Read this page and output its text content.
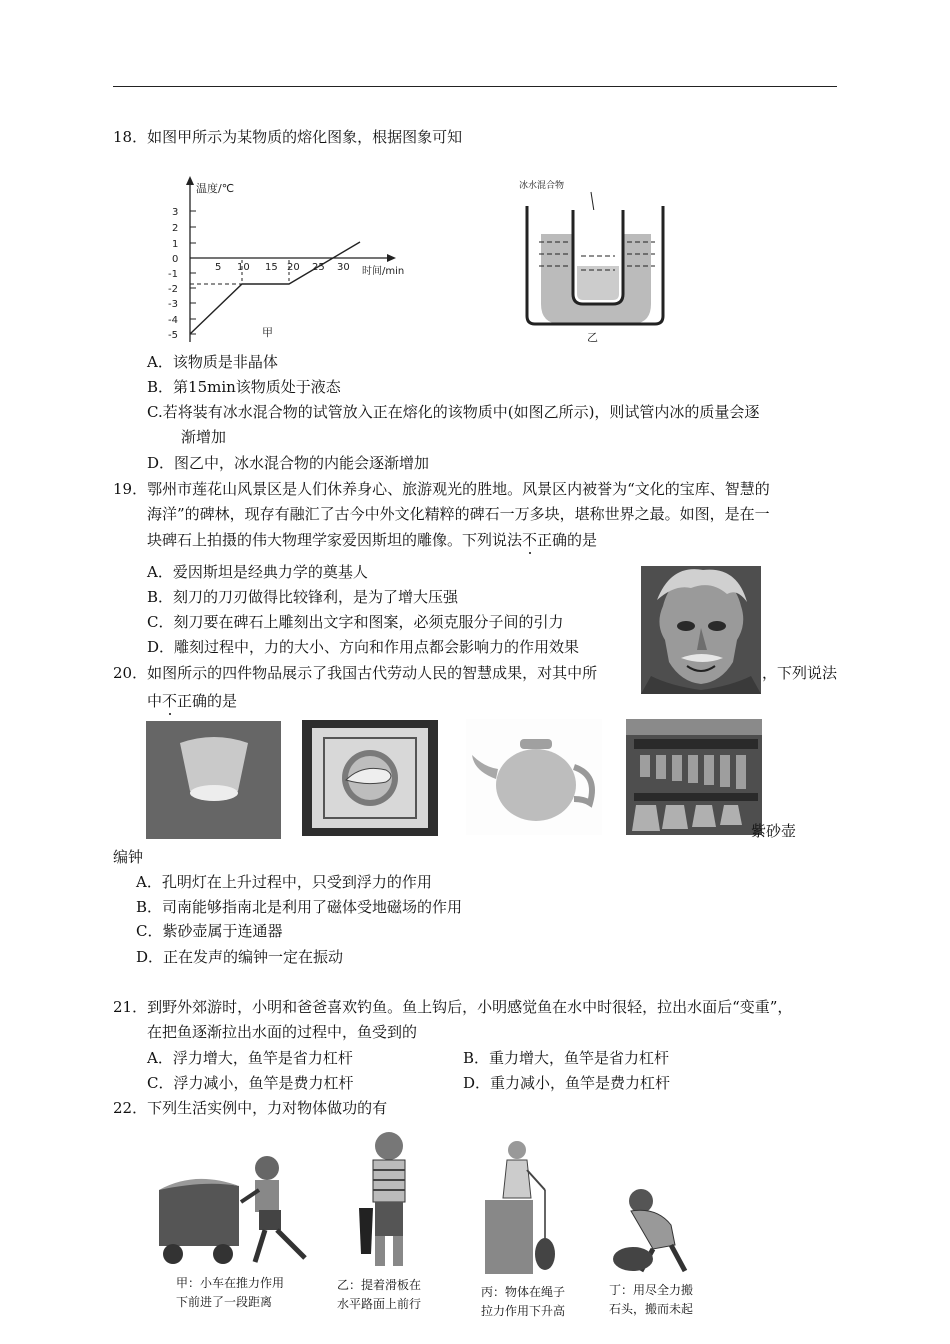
18．如图甲所示为某物质的熔化图象，根据图象可知
温度/℃
时间/min
0
3
2
1
-1
-2
-3
-4
-5
5 10 15 20 25 30
甲
冰水混合物
乙
A．该物质是非晶体
B．第15min该物质处于液态
C.若将装有冰水混合物的试管放入正在熔化的该物质中(如图乙所示)，则试管内冰的质量会逐
渐增加
D．图乙中，冰水混合物的内能会逐渐增加
19．鄂州市莲花山风景区是人们休养身心、旅游观光的胜地。风景区内被誉为“文化的宝库、智慧的
海洋”的碑林，现存有融汇了古今中外文化精粹的碑石一万多块，堪称世界之最。如图，是在一
块碑石上拍摄的伟大物理学家爱因斯坦的雕像。下列说法不正确的是
A．爱因斯坦是经典力学的奠基人
B．刻刀的刀刃做得比较锋利，是为了增大压强
C．刻刀要在碑石上雕刻出文字和图案，必须克服分子间的引力
D．雕刻过程中，力的大小、方向和作用点都会影响力的作用效果
20．如图所示的四件物品展示了我国古代劳动人民的智慧成果，对其中所	，下列说法
中不正确的是
紫砂壶
编钟
A．孔明灯在上升过程中，只受到浮力的作用
B．司南能够指南北是利用了磁体受地磁场的作用
C．紫砂壶属于连通器
D．正在发声的编钟一定在振动
21．到野外郊游时，小明和爸爸喜欢钓鱼。鱼上钩后，小明感觉鱼在水中时很轻，拉出水面后“变重”，
在把鱼逐渐拉出水面的过程中，鱼受到的
A．浮力增大，鱼竿是省力杠杆	B．重力增大，鱼竿是省力杠杆
C．浮力减小，鱼竿是费力杠杆	D．重力减小，鱼竿是费力杠杆
22．下列生活实例中，力对物体做功的有
甲：小车在推力作用
下前进了一段距离
乙：提着滑板在
水平路面上前行
丙：物体在绳子
拉力作用下升高
丁：用尽全力搬
石头，搬而未起
